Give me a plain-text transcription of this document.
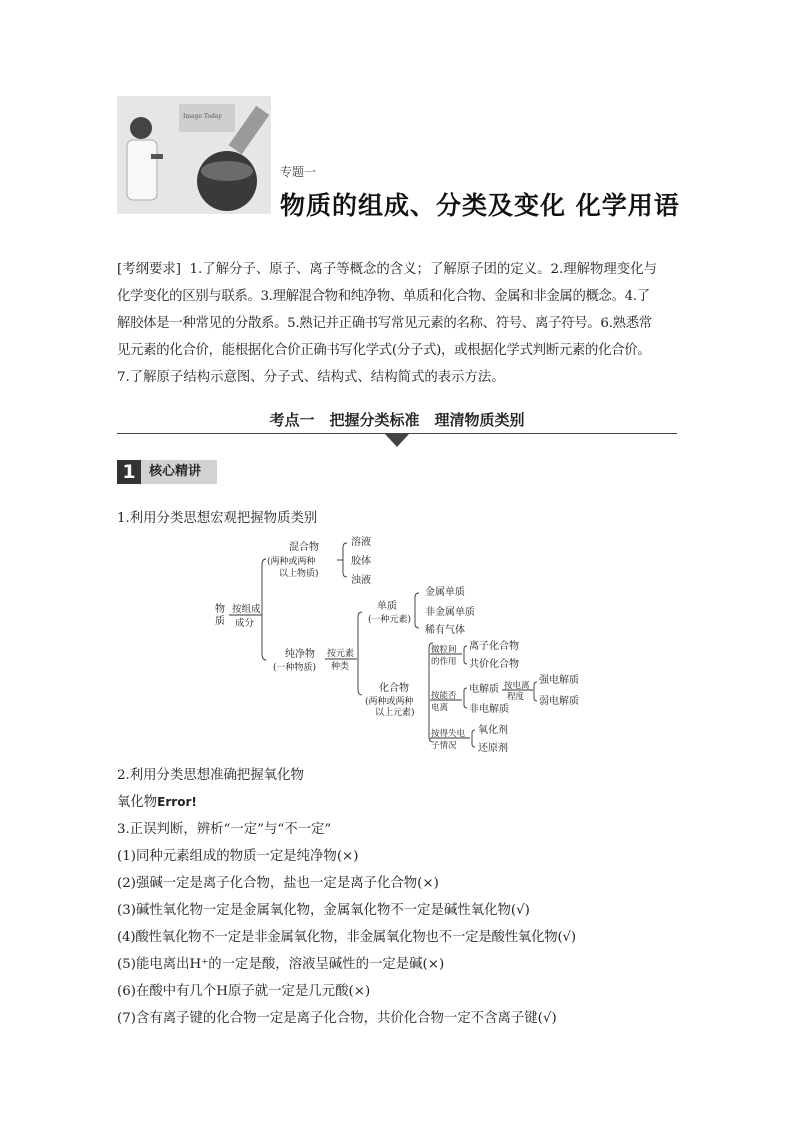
Image Today
专题一
物质的组成、分类及变化 化学用语
[考纲要求] 1.了解分子、原子、离子等概念的含义；了解原子团的定义。2.理解物理变化与
化学变化的区别与联系。3.理解混合物和纯净物、单质和化合物、金属和非金属的概念。4.了
解胶体是一种常见的分散系。5.熟记并正确书写常见元素的名称、符号、离子符号。6.熟悉常
见元素的化合价，能根据化合价正确书写化学式(分子式)，或根据化学式判断元素的化合价。
7.了解原子结构示意图、分子式、结构式、结构简式的表示方法。
考点一　把握分类标准　理清物质类别
1	核心精讲
1.利用分类思想宏观把握物质类别
物
质
按组成
成分
混合物
(两种或两种
以上物质)
溶液
胶体
浊液
纯净物
(一种物质)
按元素
种类
单质
(一种元素)
金属单质
非金属单质
稀有气体
化合物
(两种或两种
以上元素)
微粒间
的作用
离子化合物
共价化合物
按能否
电离
电解质
非电解质
按电离
程度
强电解质
弱电解质
按得失电
子情况
氧化剂
还原剂
2.利用分类思想准确把握氧化物
氧化物Error!
3.正误判断，辨析“一定”与“不一定”
(1)同种元素组成的物质一定是纯净物(×)
(2)强碱一定是离子化合物，盐也一定是离子化合物(×)
(3)碱性氧化物一定是金属氧化物，金属氧化物不一定是碱性氧化物(√)
(4)酸性氧化物不一定是非金属氧化物，非金属氧化物也不一定是酸性氧化物(√)
(5)能电离出H⁺的一定是酸，溶液呈碱性的一定是碱(×)
(6)在酸中有几个H原子就一定是几元酸(×)
(7)含有离子键的化合物一定是离子化合物，共价化合物一定不含离子键(√)
